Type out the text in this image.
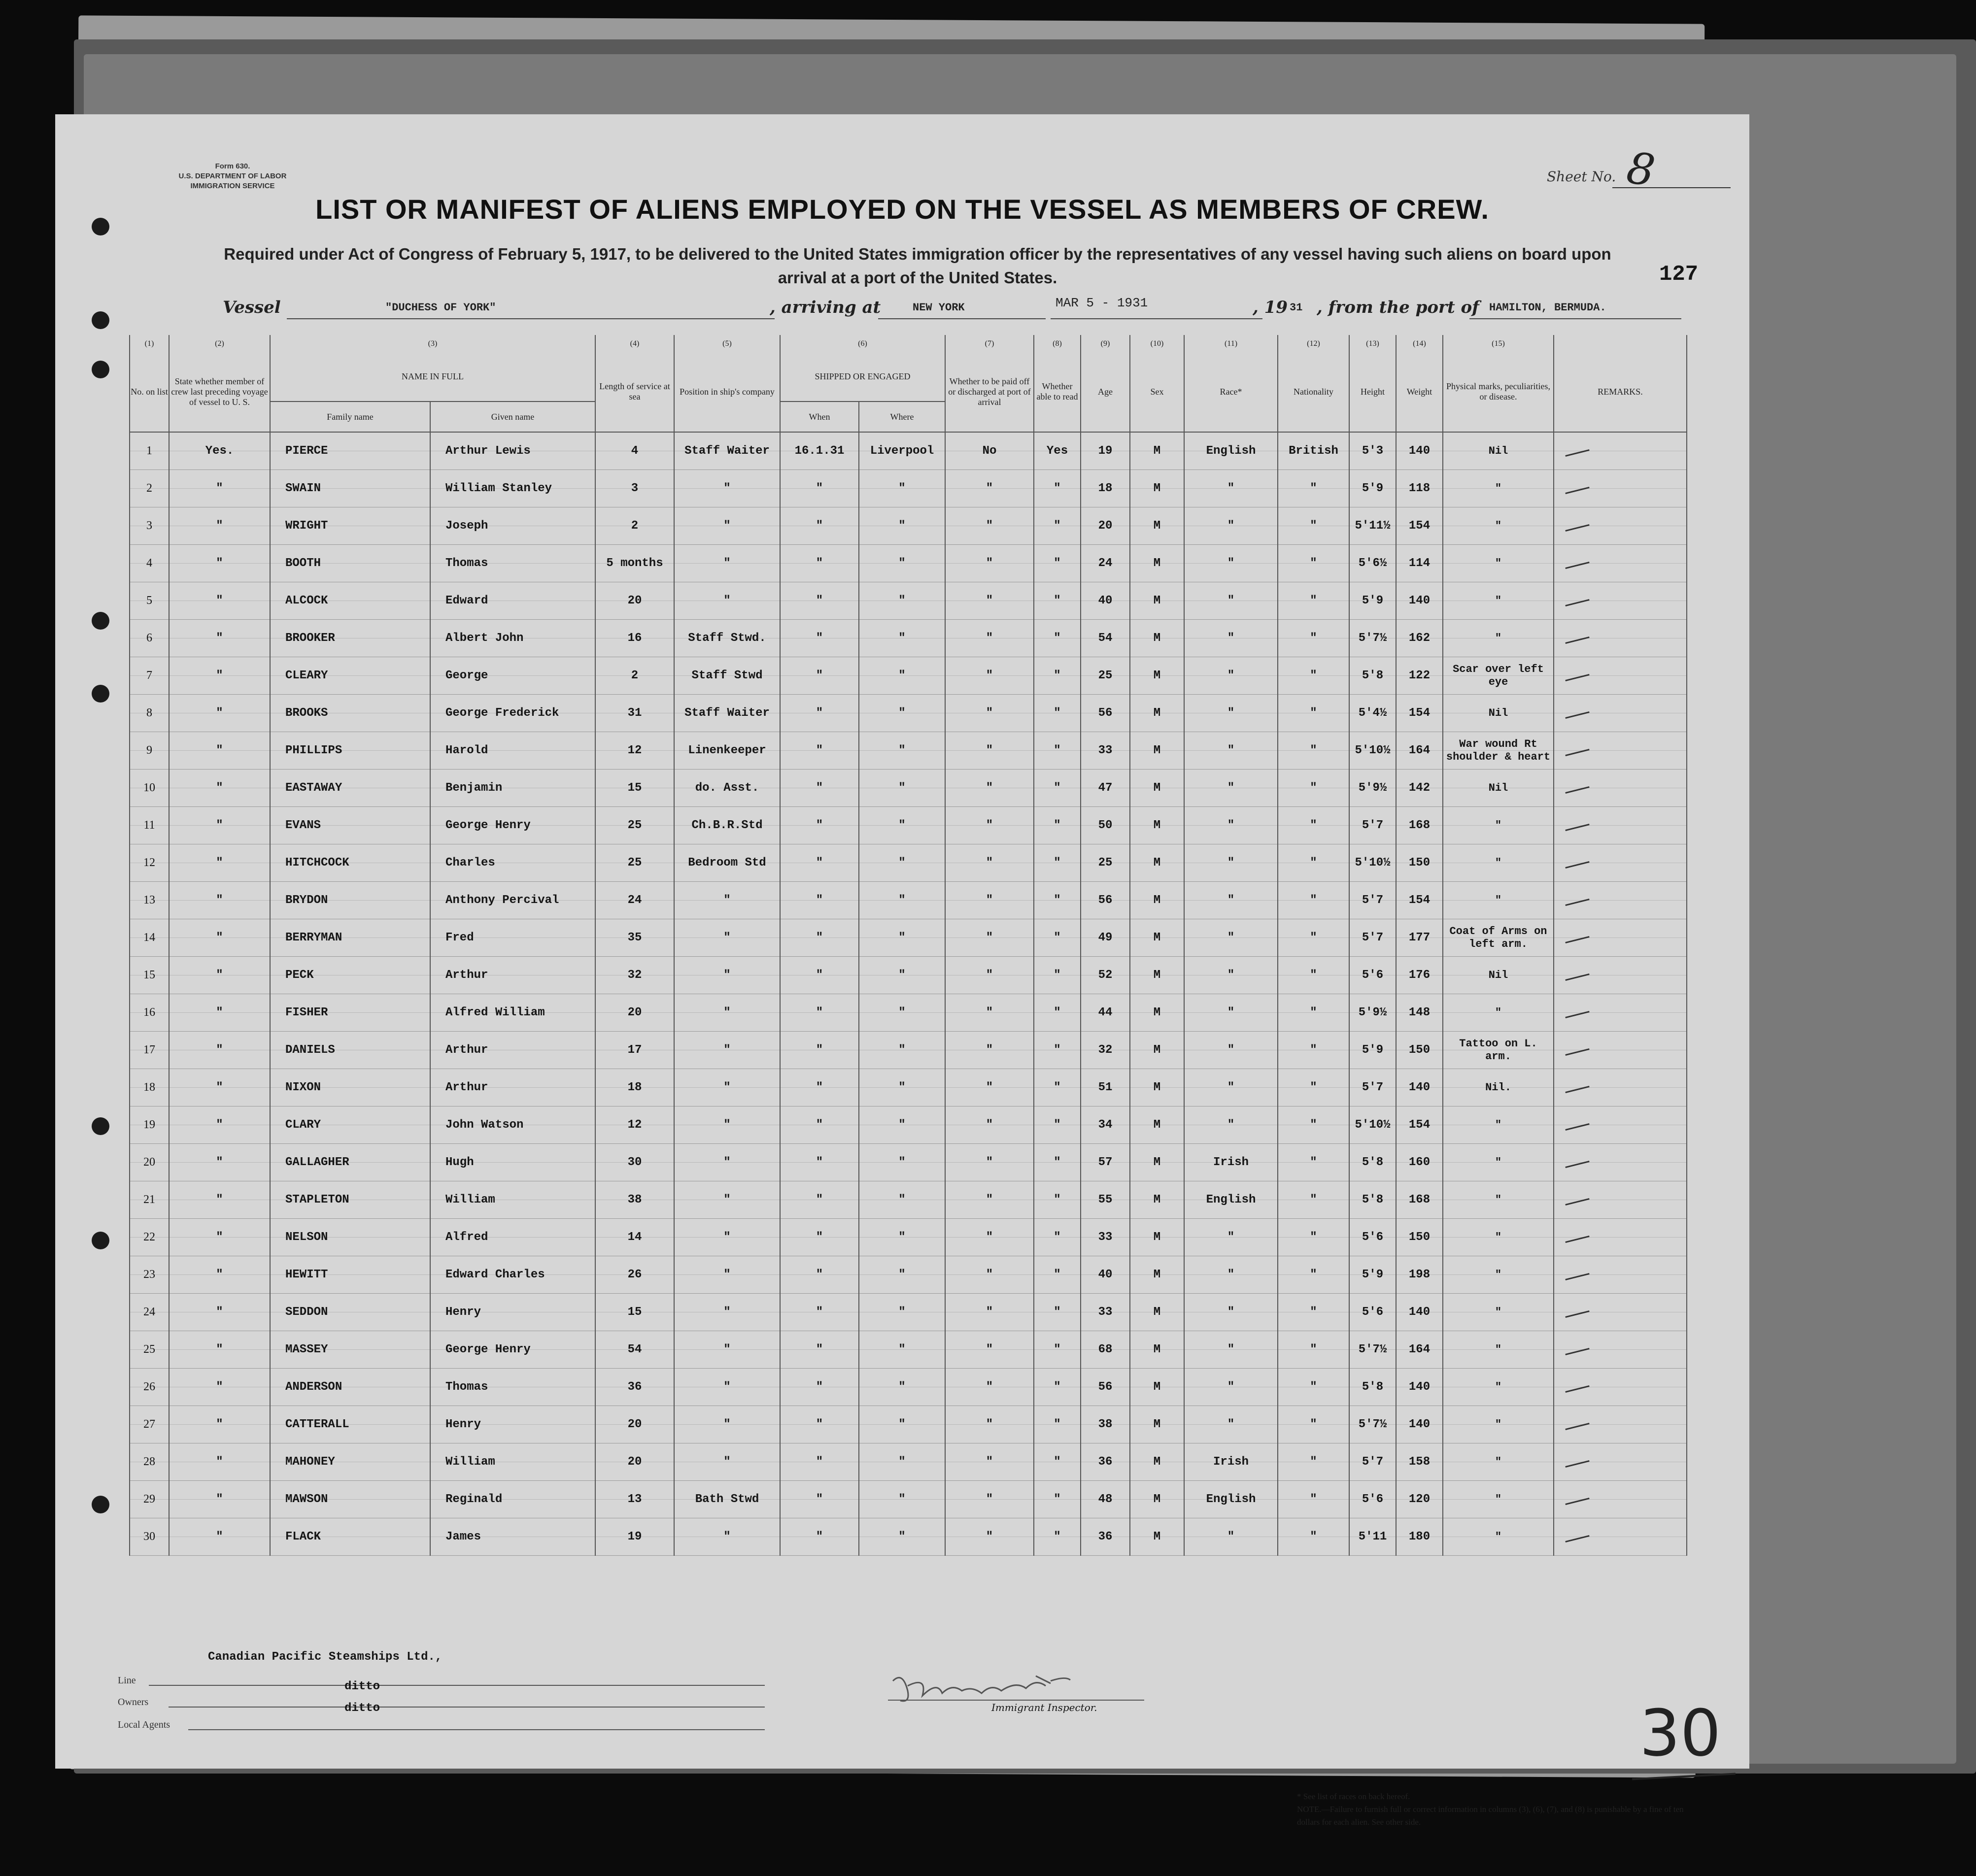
Form 630.
U.S. DEPARTMENT OF LABOR
IMMIGRATION SERVICE
Sheet No. 8
LIST OR MANIFEST OF ALIENS EMPLOYED ON THE VESSEL AS MEMBERS OF CREW.
Required under Act of Congress of February 5, 1917, to be delivered to the United States immigration officer by the representatives of any vessel having such aliens on board upon arrival at a port of the United States.	127
Vessel	"DUCHESS OF YORK"	, arriving at	NEW YORK	MAR 5 - 1931	, 19 31 , from the port of HAMILTON, BERMUDA.
(1)	(2)	(3)		(4)	(5)	(6)		(7)	(8)	(9)	(10)	(11)	(12)	(13)	(14)	(15)	
No. on list	State whether member of crew last preceding voyage of vessel to U. S.	NAME IN FULL		Length of service at sea	Position in ship's company	SHIPPED OR ENGAGED		Whether to be paid off or discharged at port of arrival	Whether able to read	Age	Sex	Race*	Nationality	Height	Weight	Physical marks, peculiarities, or disease.	REMARKS.
		Family name	Given name			When	Where										
1	Yes.	PIERCE	Arthur Lewis	4	Staff Waiter	16.1.31	Liverpool	No	Yes	19	M	English	British	5'3	140	Nil	
2	"	SWAIN	William Stanley	3	"	"	"	"	"	18	M	"	"	5'9	118	"	
3	"	WRIGHT	Joseph	2	"	"	"	"	"	20	M	"	"	5'11½	154	"	
4	"	BOOTH	Thomas	5 months	"	"	"	"	"	24	M	"	"	5'6½	114	"	
5	"	ALCOCK	Edward	20	"	"	"	"	"	40	M	"	"	5'9	140	"	
6	"	BROOKER	Albert John	16	Staff Stwd.	"	"	"	"	54	M	"	"	5'7½	162	"	
7	"	CLEARY	George	2	Staff Stwd	"	"	"	"	25	M	"	"	5'8	122	Scar over left eye	
8	"	BROOKS	George Frederick	31	Staff Waiter	"	"	"	"	56	M	"	"	5'4½	154	Nil	
9	"	PHILLIPS	Harold	12	Linenkeeper	"	"	"	"	33	M	"	"	5'10½	164	War wound Rt shoulder & heart	
10	"	EASTAWAY	Benjamin	15	do. Asst.	"	"	"	"	47	M	"	"	5'9½	142	Nil	
11	"	EVANS	George Henry	25	Ch.B.R.Std	"	"	"	"	50	M	"	"	5'7	168	"	
12	"	HITCHCOCK	Charles	25	Bedroom Std	"	"	"	"	25	M	"	"	5'10½	150	"	
13	"	BRYDON	Anthony Percival	24	"	"	"	"	"	56	M	"	"	5'7	154	"	
14	"	BERRYMAN	Fred	35	"	"	"	"	"	49	M	"	"	5'7	177	Coat of Arms on left arm.	
15	"	PECK	Arthur	32	"	"	"	"	"	52	M	"	"	5'6	176	Nil	
16	"	FISHER	Alfred William	20	"	"	"	"	"	44	M	"	"	5'9½	148	"	
17	"	DANIELS	Arthur	17	"	"	"	"	"	32	M	"	"	5'9	150	Tattoo on L. arm.	
18	"	NIXON	Arthur	18	"	"	"	"	"	51	M	"	"	5'7	140	Nil.	
19	"	CLARY	John Watson	12	"	"	"	"	"	34	M	"	"	5'10½	154	"	
20	"	GALLAGHER	Hugh	30	"	"	"	"	"	57	M	Irish	"	5'8	160	"	
21	"	STAPLETON	William	38	"	"	"	"	"	55	M	English	"	5'8	168	"	
22	"	NELSON	Alfred	14	"	"	"	"	"	33	M	"	"	5'6	150	"	
23	"	HEWITT	Edward Charles	26	"	"	"	"	"	40	M	"	"	5'9	198	"	
24	"	SEDDON	Henry	15	"	"	"	"	"	33	M	"	"	5'6	140	"	
25	"	MASSEY	George Henry	54	"	"	"	"	"	68	M	"	"	5'7½	164	"	
26	"	ANDERSON	Thomas	36	"	"	"	"	"	56	M	"	"	5'8	140	"	
27	"	CATTERALL	Henry	20	"	"	"	"	"	38	M	"	"	5'7½	140	"	
28	"	MAHONEY	William	20	"	"	"	"	"	36	M	Irish	"	5'7	158	"	
29	"	MAWSON	Reginald	13	Bath Stwd	"	"	"	"	48	M	English	"	5'6	120	"	
30	"	FLACK	James	19	"	"	"	"	"	36	M	"	"	5'11	180	"	
Canadian Pacific Steamships Ltd.,
Line	ditto
Owners	ditto
Local Agents
Immigrant Inspector.	30
* See list of races on back hereof.
NOTE.—Failure to furnish full or correct information in columns (3), (6), (7), and (8) is punishable by a fine of ten dollars for each alien. See other side.
